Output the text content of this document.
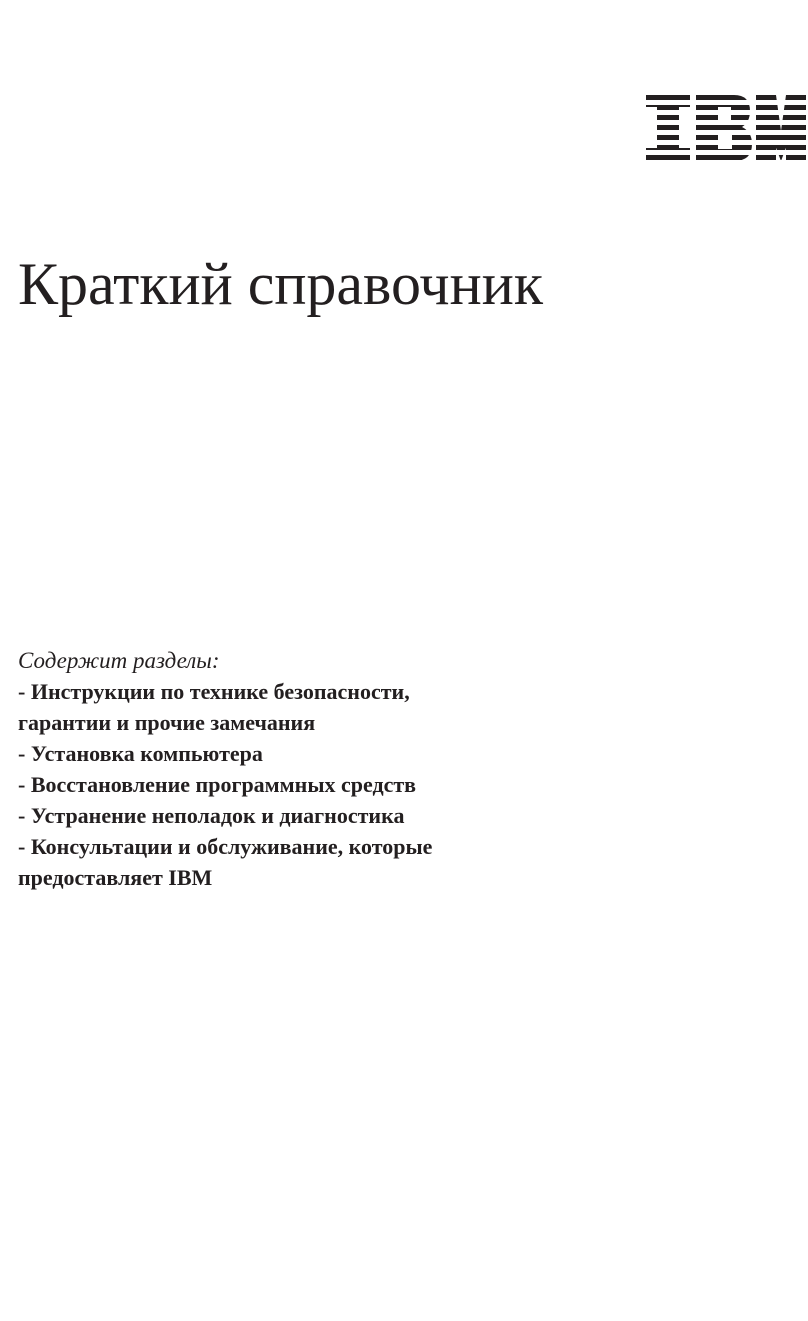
Краткий справочник

Содержит разделы:

- Инструкции по технике безопасности,
гарантии и прочие замечания
- Установка компьютера
- Восстановление программных средств
- Устранение неполадок и диагностика
- Консультации и обслуживание, которые
предоставляет IBM
